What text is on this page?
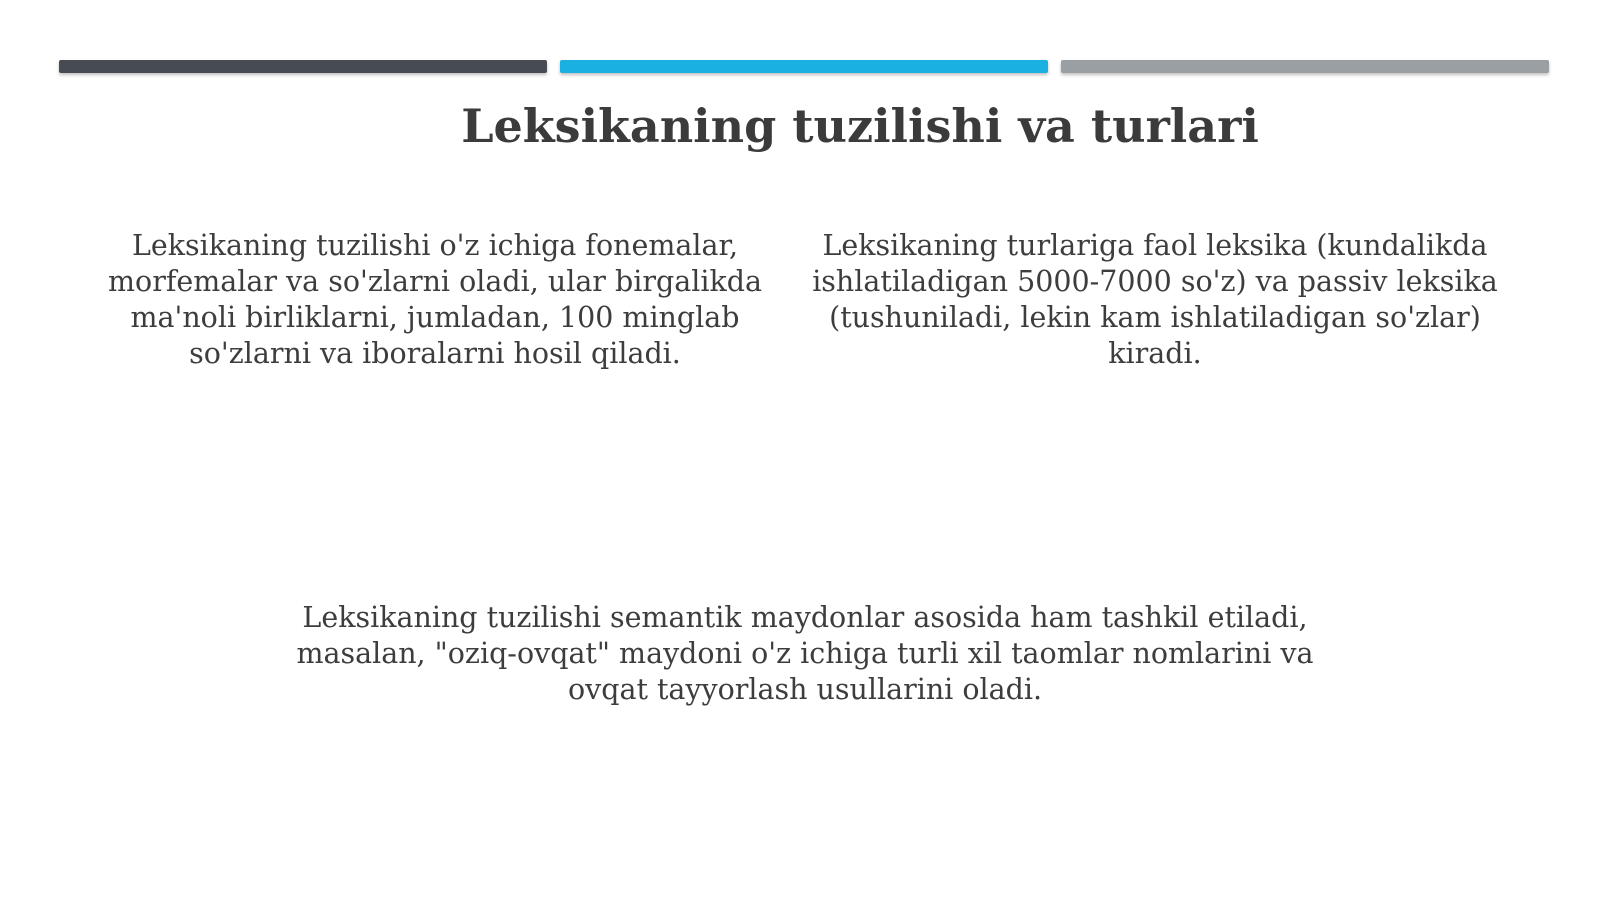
Leksikaning tuzilishi va turlari

Leksikaning tuzilishi o'z ichiga fonemalar, morfemalar va so'zlarni oladi, ular birgalikda ma'noli birliklarni, jumladan, 100 minglab so'zlarni va iboralarni hosil qiladi.

Leksikaning turlariga faol leksika (kundalikda ishlatiladigan 5000-7000 so'z) va passiv leksika (tushuniladi, lekin kam ishlatiladigan so'zlar) kiradi.

Leksikaning tuzilishi semantik maydonlar asosida ham tashkil etiladi, masalan, "oziq-ovqat" maydoni o'z ichiga turli xil taomlar nomlarini va ovqat tayyorlash usullarini oladi.
